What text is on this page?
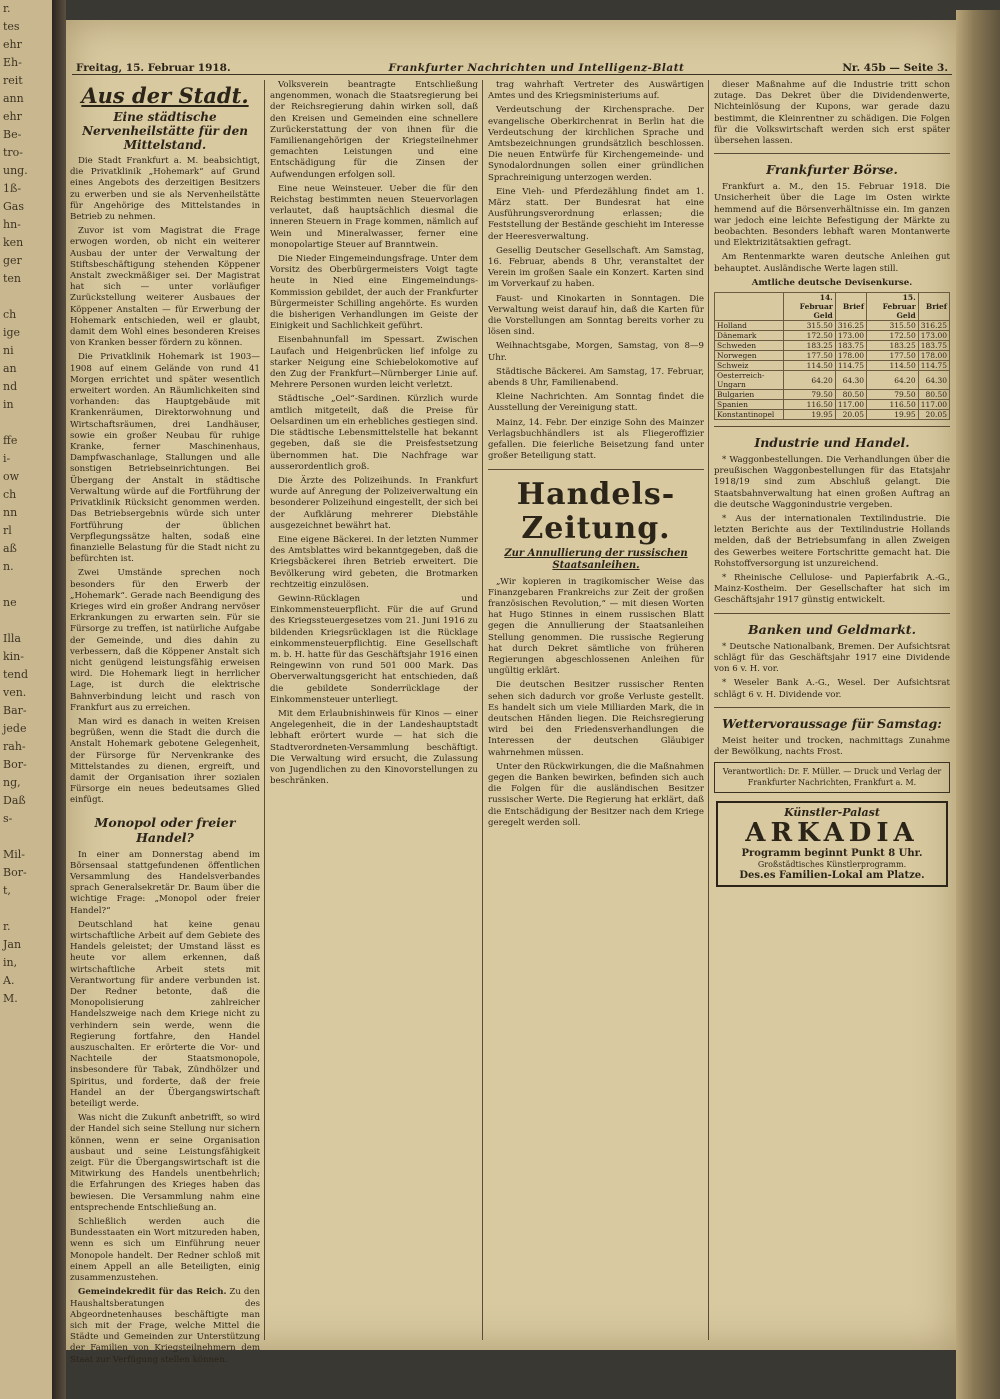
r.
tes
ehr
Eh-
reit
ann
ehr
Be-
tro-
ung.
1ß-
Gas
hn-
ken
ger
ten

ch
ige
ni
an
nd
in

ffe
i-
ow
ch
nn
rl
aß
n.

ne

Illa
kin-
tend
ven.
Bar-
jede
rah-
Bor-
ng,
Daß
s-

Mil-
Bor-
t,

r.
Jan
in,
A.
M.
Freitag, 15. Februar 1918.	Frankfurter Nachrichten und Intelligenz-Blatt	Nr. 45b — Seite 3.
Aus der Stadt.
Eine städtische Nervenheilstätte für den Mittelstand.

Die Stadt Frankfurt a. M. beabsichtigt, die Privatklinik „Hohemark“ auf Grund eines Angebots des derzeitigen Besitzers zu erwerben und sie als Nervenheilstätte für Angehörige des Mittelstandes in Betrieb zu nehmen.

Zuvor ist vom Magistrat die Frage erwogen worden, ob nicht ein weiterer Ausbau der unter der Verwaltung der Stiftsbeschäftigung stehenden Köppener Anstalt zweckmäßiger sei. Der Magistrat hat sich — unter vorläufiger Zurückstellung weiterer Ausbaues der Köppener Anstalten — für Erwerbung der Hohemark entschieden, weil er glaubt, damit dem Wohl eines besonderen Kreises von Kranken besser fördern zu können.

Die Privatklinik Hohemark ist 1903—1908 auf einem Gelände von rund 41 Morgen errichtet und später wesentlich erweitert worden. An Räumlichkeiten sind vorhanden: das Hauptgebäude mit Krankenräumen, Direktorwohnung und Wirtschaftsräumen, drei Landhäuser, sowie ein großer Neubau für ruhige Kranke, ferner Maschinenhaus, Dampfwaschanlage, Stallungen und alle sonstigen Betriebseinrichtungen. Bei Übergang der Anstalt in städtische Verwaltung würde auf die Fortführung der Privatklinik Rücksicht genommen werden. Das Betriebsergebnis würde sich unter Fortführung der üblichen Verpflegungssätze halten, sodaß eine finanzielle Belastung für die Stadt nicht zu befürchten ist.

Zwei Umstände sprechen noch besonders für den Erwerb der „Hohemark“. Gerade nach Beendigung des Krieges wird ein großer Andrang nervöser Erkrankungen zu erwarten sein. Für sie Fürsorge zu treffen, ist natürliche Aufgabe der Gemeinde, und dies dahin zu verbessern, daß die Köppener Anstalt sich nicht genügend leistungsfähig erweisen wird. Die Hohemark liegt in herrlicher Lage, ist durch die elektrische Bahnverbindung leicht und rasch von Frankfurt aus zu erreichen.

Man wird es danach in weiten Kreisen begrüßen, wenn die Stadt die durch die Anstalt Hohemark gebotene Gelegenheit, der Fürsorge für Nervenkranke des Mittelstandes zu dienen, ergreift, und damit der Organisation ihrer sozialen Fürsorge ein neues bedeutsames Glied einfügt.

Monopol oder freier Handel?

In einer am Donnerstag abend im Börsensaal stattgefundenen öffentlichen Versammlung des Handelsverbandes sprach Generalsekretär Dr. Baum über die wichtige Frage: „Monopol oder freier Handel?“

Deutschland hat keine genau wirtschaftliche Arbeit auf dem Gebiete des Handels geleistet; der Umstand lässt es heute vor allem erkennen, daß wirtschaftliche Arbeit stets mit Verantwortung für andere verbunden ist. Der Redner betonte, daß die Monopolisierung zahlreicher Handelszweige nach dem Kriege nicht zu verhindern sein werde, wenn die Regierung fortfahre, den Handel auszuschalten. Er erörterte die Vor- und Nachteile der Staatsmonopole, insbesondere für Tabak, Zündhölzer und Spiritus, und forderte, daß der freie Handel an der Übergangswirtschaft beteiligt werde.

Was nicht die Zukunft anbetrifft, so wird der Handel sich seine Stellung nur sichern können, wenn er seine Organisation ausbaut und seine Leistungsfähigkeit zeigt. Für die Übergangswirtschaft ist die Mitwirkung des Handels unentbehrlich; die Erfahrungen des Krieges haben das bewiesen. Die Versammlung nahm eine entsprechende Entschließung an.

Schließlich werden auch die Bundesstaaten ein Wort mitzureden haben, wenn es sich um Einführung neuer Monopole handelt. Der Redner schloß mit einem Appell an alle Beteiligten, einig zusammenzustehen.

Gemeindekredit für das Reich. Zu den Haushaltsberatungen des Abgeordnetenhauses beschäftigte man sich mit der Frage, welche Mittel die Städte und Gemeinden zur Unterstützung der Familien von Kriegsteilnehmern dem Staat zur Verfügung stellen können.

Volksverein beantragte Entschließung angenommen, wonach die Staatsregierung bei der Reichsregierung dahin wirken soll, daß den Kreisen und Gemeinden eine schnellere Zurückerstattung der von ihnen für die Familienangehörigen der Kriegsteilnehmer gemachten Leistungen und eine Entschädigung für die Zinsen der Aufwendungen erfolgen soll.

Eine neue Weinsteuer. Ueber die für den Reichstag bestimmten neuen Steuervorlagen verlautet, daß hauptsächlich diesmal die inneren Steuern in Frage kommen, nämlich auf Wein und Mineralwasser, ferner eine monopolartige Steuer auf Branntwein.

Die Nieder Eingemeindungsfrage. Unter dem Vorsitz des Oberbürgermeisters Voigt tagte heute in Nied eine Eingemeindungs-Kommission gebildet, der auch der Frankfurter Bürgermeister Schilling angehörte. Es wurden die bisherigen Verhandlungen im Geiste der Einigkeit und Sachlichkeit geführt.

Eisenbahnunfall im Spessart. Zwischen Laufach und Heigenbrücken lief infolge zu starker Neigung eine Schiebelokomotive auf den Zug der Frankfurt—Nürnberger Linie auf. Mehrere Personen wurden leicht verletzt.

Städtische „Oel“-Sardinen. Kürzlich wurde amtlich mitgeteilt, daß die Preise für Oelsardinen um ein erhebliches gestiegen sind. Die städtische Lebensmittelstelle hat bekannt gegeben, daß sie die Preisfestsetzung übernommen hat. Die Nachfrage war ausserordentlich groß.

Die Ärzte des Polizeihunds. In Frankfurt wurde auf Anregung der Polizeiverwaltung ein besonderer Polizeihund eingestellt, der sich bei der Aufklärung mehrerer Diebstähle ausgezeichnet bewährt hat.

Eine eigene Bäckerei. In der letzten Nummer des Amtsblattes wird bekanntgegeben, daß die Kriegsbäckerei ihren Betrieb erweitert. Die Bevölkerung wird gebeten, die Brotmarken rechtzeitig einzulösen.

Gewinn-Rücklagen und Einkommensteuerpflicht. Für die auf Grund des Kriegssteuergesetzes vom 21. Juni 1916 zu bildenden Kriegsrücklagen ist die Rücklage einkommensteuerpflichtig. Eine Gesellschaft m. b. H. hatte für das Geschäftsjahr 1916 einen Reingewinn von rund 501 000 Mark. Das Oberverwaltungsgericht hat entschieden, daß die gebildete Sonderrücklage der Einkommensteuer unterliegt.

Mit dem Erlaubnishinweis für Kinos — einer Angelegenheit, die in der Landeshauptstadt lebhaft erörtert wurde — hat sich die Stadtverordneten-Versammlung beschäftigt. Die Verwaltung wird ersucht, die Zulassung von Jugendlichen zu den Kinovorstellungen zu beschränken.

trag wahrhaft Vertreter des Auswärtigen Amtes und des Kriegsministeriums auf.

Verdeutschung der Kirchensprache. Der evangelische Oberkirchenrat in Berlin hat die Verdeutschung der kirchlichen Sprache und Amtsbezeichnungen grundsätzlich beschlossen. Die neuen Entwürfe für Kirchengemeinde- und Synodalordnungen sollen einer gründlichen Sprachreinigung unterzogen werden.

Eine Vieh- und Pferdezählung findet am 1. März statt. Der Bundesrat hat eine Ausführungsverordnung erlassen; die Feststellung der Bestände geschieht im Interesse der Heeresverwaltung.

Gesellig Deutscher Gesellschaft. Am Samstag, 16. Februar, abends 8 Uhr, veranstaltet der Verein im großen Saale ein Konzert. Karten sind im Vorverkauf zu haben.

Faust- und Kinokarten in Sonntagen. Die Verwaltung weist darauf hin, daß die Karten für die Vorstellungen am Sonntag bereits vorher zu lösen sind.

Weihnachtsgabe, Morgen, Samstag, von 8—9 Uhr.

Städtische Bäckerei. Am Samstag, 17. Februar, abends 8 Uhr, Familienabend.

Kleine Nachrichten. Am Sonntag findet die Ausstellung der Vereinigung statt.

Mainz, 14. Febr. Der einzige Sohn des Mainzer Verlagsbuchhändlers ist als Fliegeroffizier gefallen. Die feierliche Beisetzung fand unter großer Beteiligung statt.

Handels-Zeitung.
Zur Annullierung der russischen Staatsanleihen.

„Wir kopieren in tragikomischer Weise das Finanzgebaren Frankreichs zur Zeit der großen französischen Revolution,“ — mit diesen Worten hat Hugo Stinnes in einem russischen Blatt gegen die Annullierung der Staatsanleihen Stellung genommen. Die russische Regierung hat durch Dekret sämtliche von früheren Regierungen abgeschlossenen Anleihen für ungültig erklärt.

Die deutschen Besitzer russischer Renten sehen sich dadurch vor große Verluste gestellt. Es handelt sich um viele Milliarden Mark, die in deutschen Händen liegen. Die Reichsregierung wird bei den Friedensverhandlungen die Interessen der deutschen Gläubiger wahrnehmen müssen.

Unter den Rückwirkungen, die die Maßnahmen gegen die Banken bewirken, befinden sich auch die Folgen für die ausländischen Besitzer russischer Werte. Die Regierung hat erklärt, daß die Entschädigung der Besitzer nach dem Kriege geregelt werden soll.

dieser Maßnahme auf die Industrie tritt schon zutage. Das Dekret über die Dividendenwerte, Nichteinlösung der Kupons, war gerade dazu bestimmt, die Kleinrentner zu schädigen. Die Folgen für die Volkswirtschaft werden sich erst später übersehen lassen.

Frankfurter Börse.

Frankfurt a. M., den 15. Februar 1918. Die Unsicherheit über die Lage im Osten wirkte hemmend auf die Börsenverhältnisse ein. Im ganzen war jedoch eine leichte Befestigung der Märkte zu beobachten. Besonders lebhaft waren Montanwerte und Elektrizitätsaktien gefragt.

Am Rentenmarkte waren deutsche Anleihen gut behauptet. Ausländische Werte lagen still.

Amtliche deutsche Devisenkurse.

	14. Februar Geld	Brief	15. Februar Geld	Brief
Holland	315.50	316.25	315.50	316.25
Dänemark	172.50	173.00	172.50	173.00
Schweden	183.25	183.75	183.25	183.75
Norwegen	177.50	178.00	177.50	178.00
Schweiz	114.50	114.75	114.50	114.75
Oesterreich-Ungarn	64.20	64.30	64.20	64.30
Bulgarien	79.50	80.50	79.50	80.50
Spanien	116.50	117.00	116.50	117.00
Konstantinopel	19.95	20.05	19.95	20.05
Industrie und Handel.

* Waggonbestellungen. Die Verhandlungen über die preußischen Waggonbestellungen für das Etatsjahr 1918/19 sind zum Abschluß gelangt. Die Staatsbahnverwaltung hat einen großen Auftrag an die deutsche Waggonindustrie vergeben.

* Aus der internationalen Textilindustrie. Die letzten Berichte aus der Textilindustrie Hollands melden, daß der Betriebsumfang in allen Zweigen des Gewerbes weitere Fortschritte gemacht hat. Die Rohstoffversorgung ist unzureichend.

* Rheinische Cellulose- und Papierfabrik A.-G., Mainz-Kostheim. Der Gesellschafter hat sich im Geschäftsjahr 1917 günstig entwickelt.

Banken und Geldmarkt.

* Deutsche Nationalbank, Bremen. Der Aufsichtsrat schlägt für das Geschäftsjahr 1917 eine Dividende von 6 v. H. vor.

* Weseler Bank A.-G., Wesel. Der Aufsichtsrat schlägt 6 v. H. Dividende vor.

Wettervoraussage für Samstag:

Meist heiter und trocken, nachmittags Zunahme der Bewölkung, nachts Frost.

Verantwortlich: Dr. F. Müller. — Druck und Verlag der Frankfurter Nachrichten, Frankfurt a. M.
Künstler-Palast
ARKADIA
Programm beginnt Punkt 8 Uhr.
Großstädtisches Künstlerprogramm.
Des.es Familien-Lokal am Platze.
